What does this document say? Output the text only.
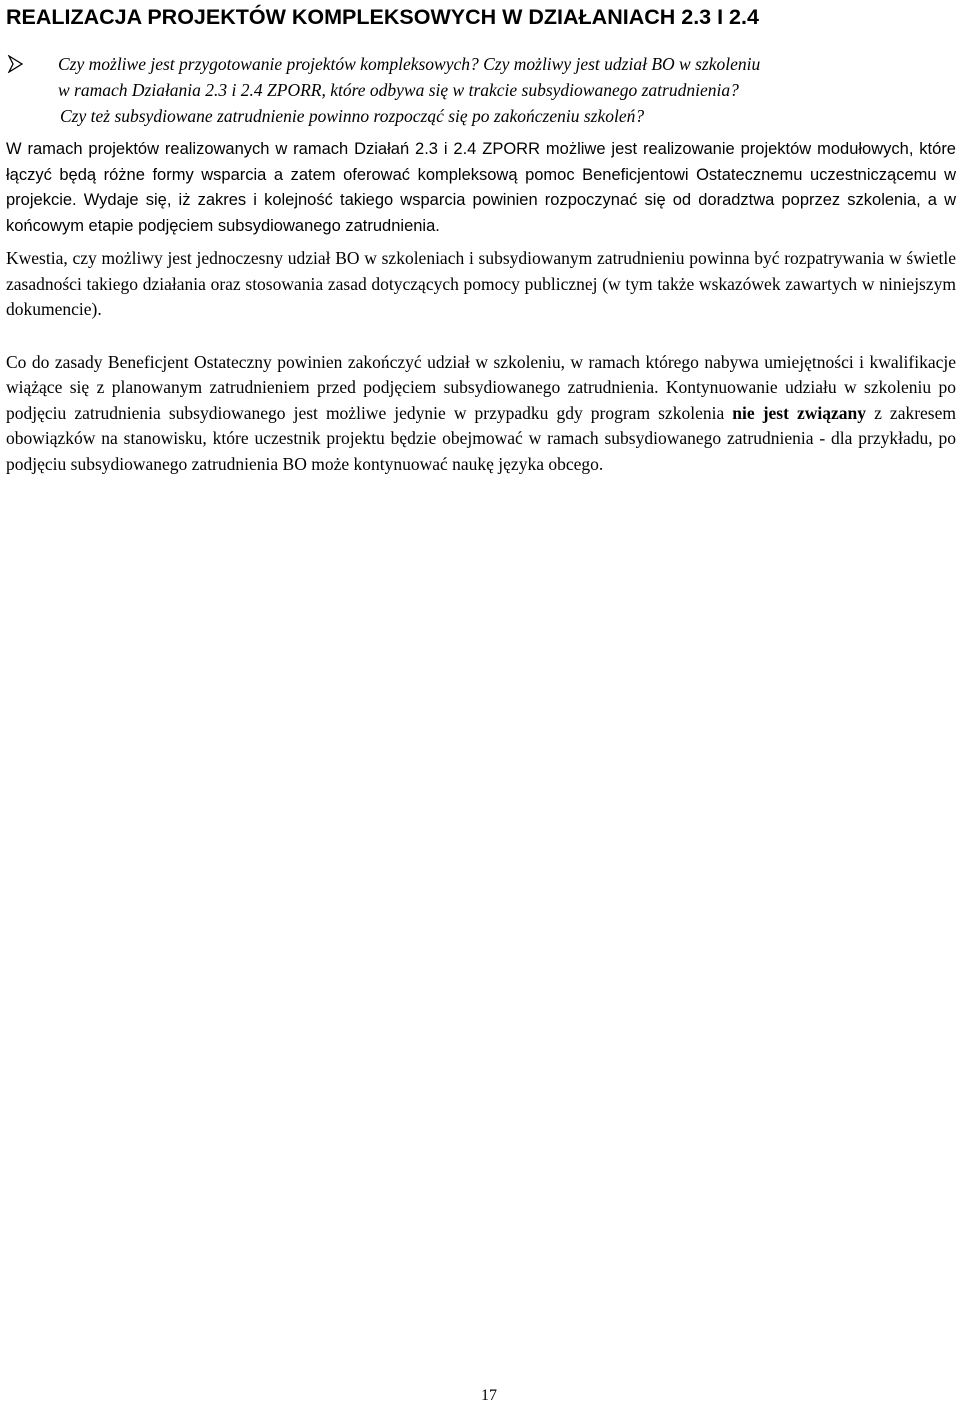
REALIZACJA PROJEKTÓW KOMPLEKSOWYCH W DZIAŁANIACH 2.3 I 2.4
Czy możliwe jest przygotowanie projektów kompleksowych? Czy możliwy jest udział BO w szkoleniu
w ramach Działania 2.3 i 2.4 ZPORR, które odbywa się w trakcie subsydiowanego zatrudnienia?
Czy też subsydiowane zatrudnienie powinno rozpocząć się po zakończeniu szkoleń?

W ramach projektów realizowanych w ramach Działań 2.3 i 2.4 ZPORR możliwe jest realizowanie projektów modułowych, które łączyć będą różne formy wsparcia a zatem oferować kompleksową pomoc Beneficjentowi Ostatecznemu uczestniczącemu w projekcie. Wydaje się, iż zakres i kolejność takiego wsparcia powinien rozpoczynać się od doradztwa poprzez szkolenia, a w końcowym etapie podjęciem subsydiowanego zatrudnienia.

Kwestia, czy możliwy jest jednoczesny udział BO w szkoleniach i subsydiowanym zatrudnieniu powinna być rozpatrywania w świetle zasadności takiego działania oraz stosowania zasad dotyczących pomocy publicznej (w tym także wskazówek zawartych w niniejszym dokumencie).

Co do zasady Beneficjent Ostateczny powinien zakończyć udział w szkoleniu, w ramach którego nabywa umiejętności i kwalifikacje wiążące się z planowanym zatrudnieniem przed podjęciem subsydiowanego zatrudnienia. Kontynuowanie udziału w szkoleniu po podjęciu zatrudnienia subsydiowanego jest możliwe jedynie w przypadku gdy program szkolenia nie jest związany z zakresem obowiązków na stanowisku, które uczestnik projektu będzie obejmować w ramach subsydiowanego zatrudnienia - dla przykładu, po podjęciu subsydiowanego zatrudnienia BO może kontynuować naukę języka obcego.

17
